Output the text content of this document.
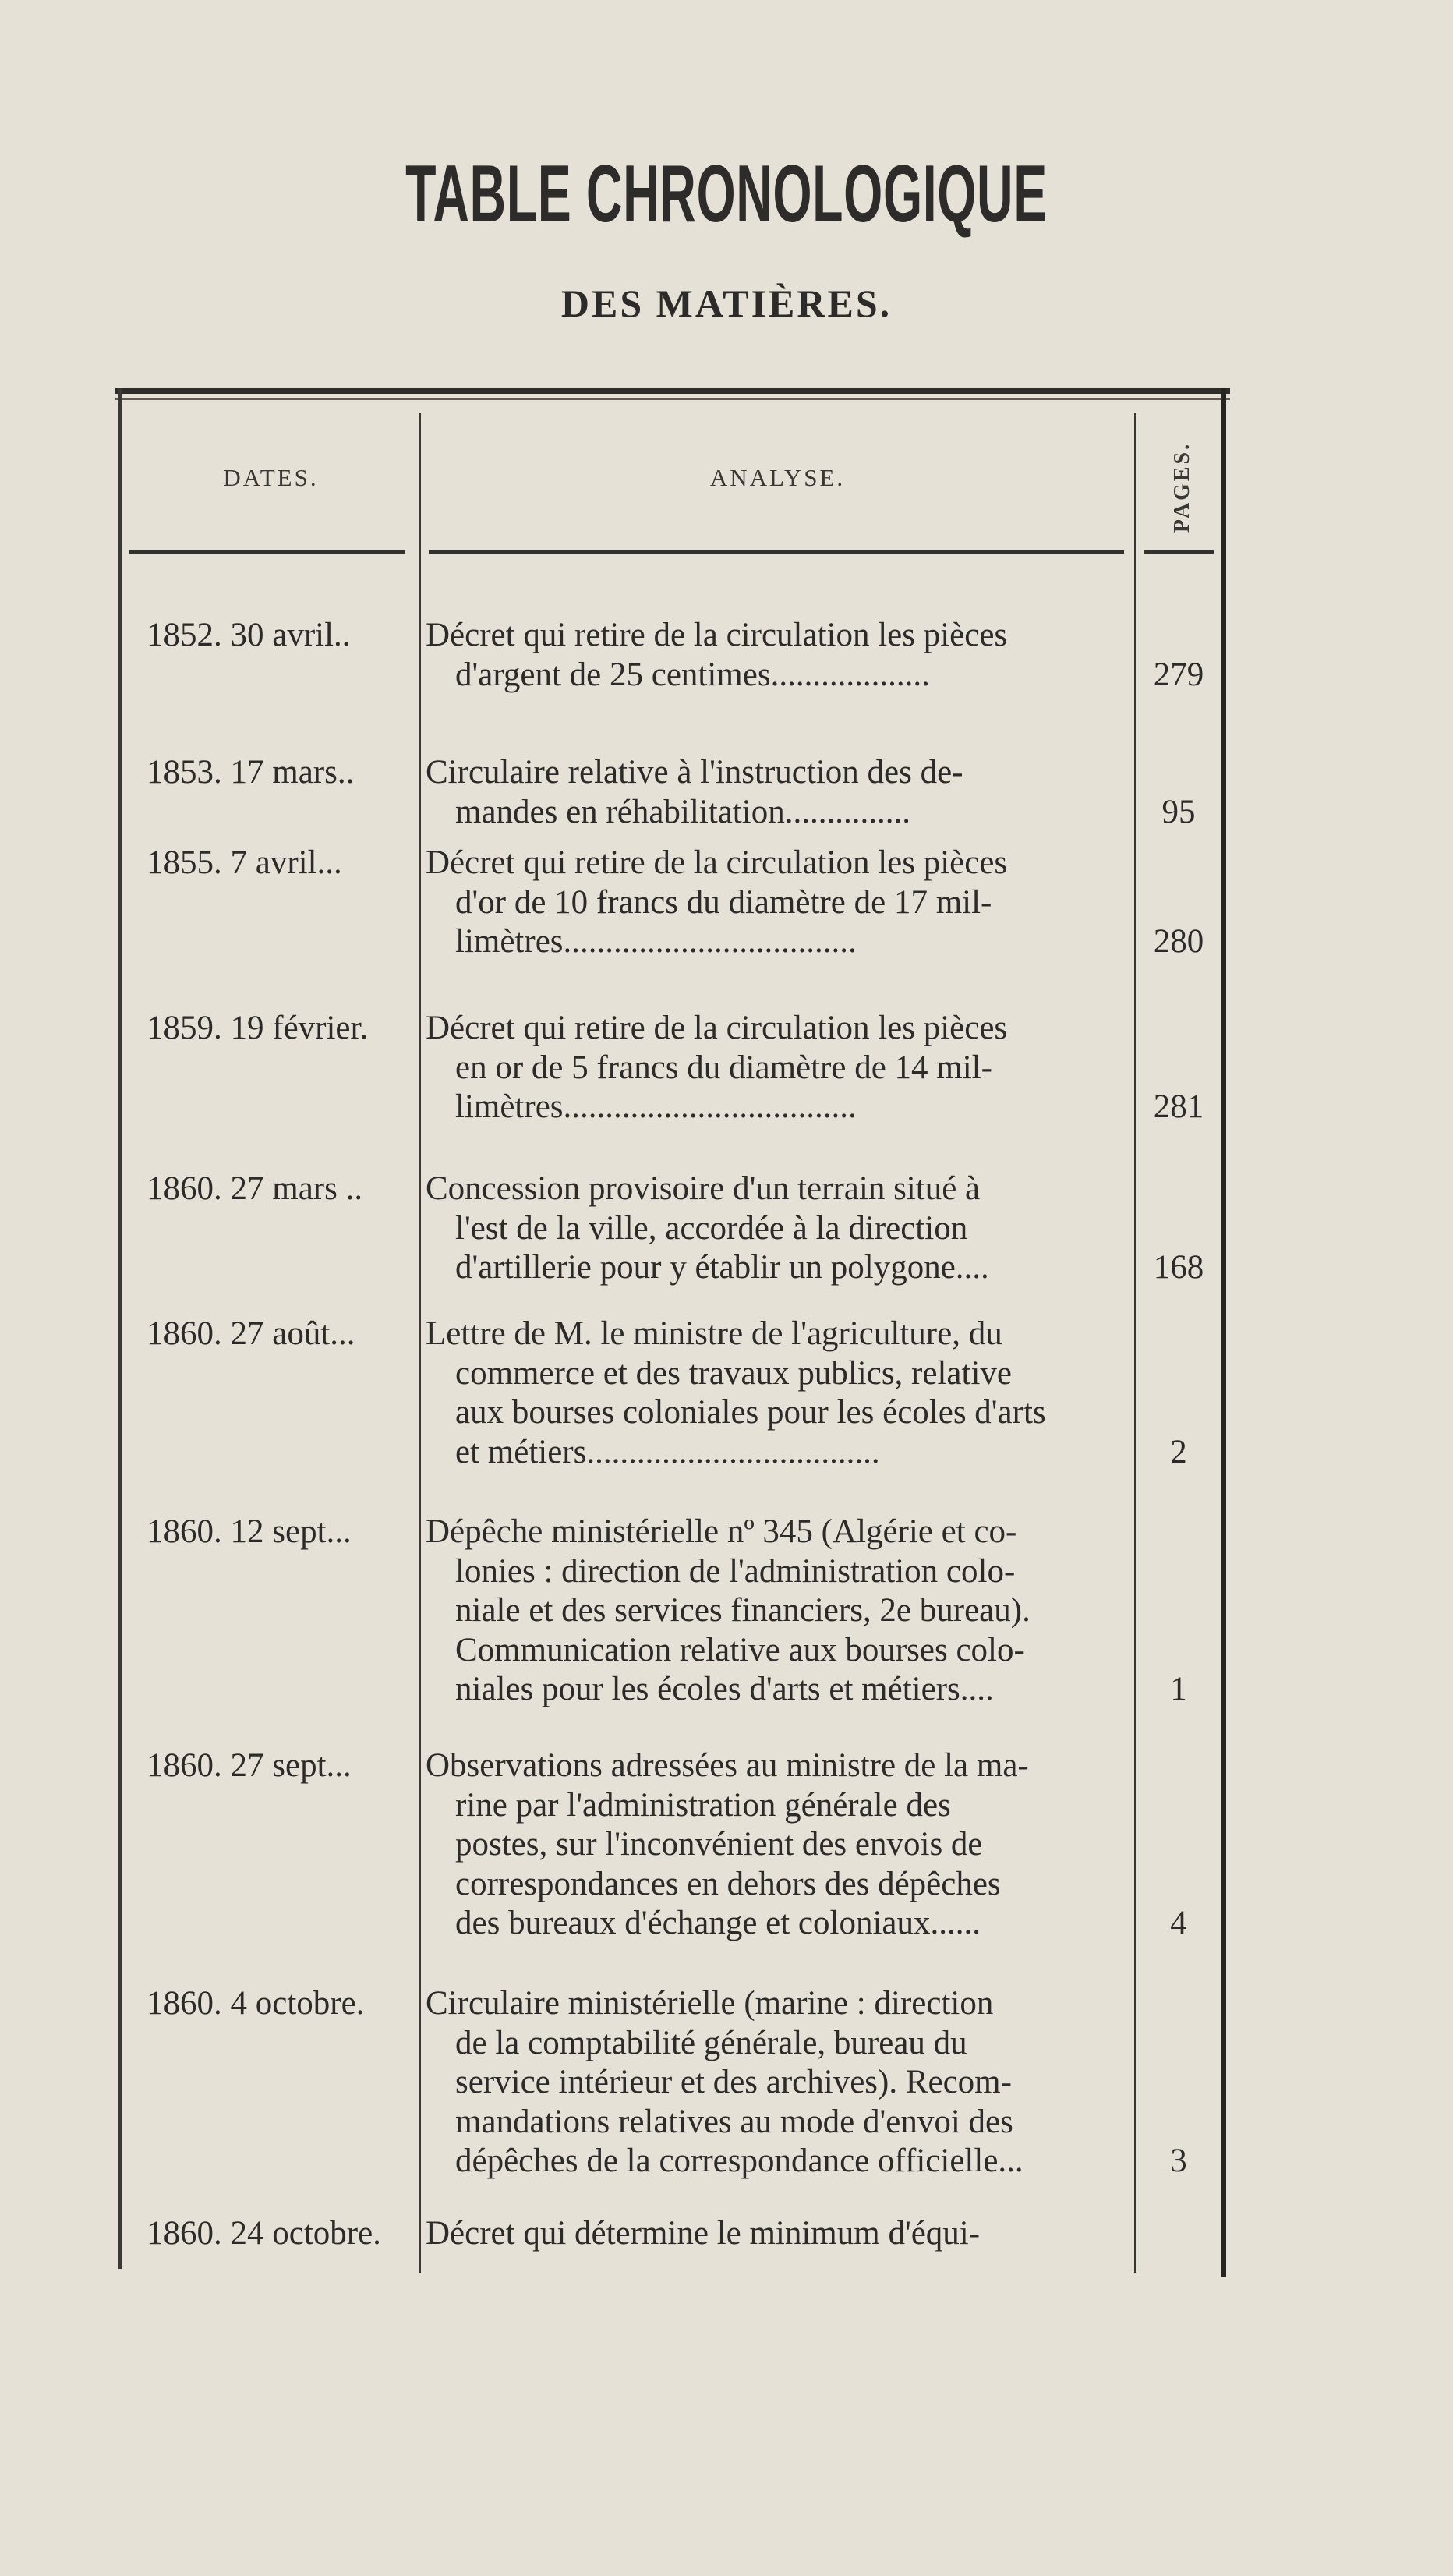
TABLE CHRONOLOGIQUE
DES MATIÈRES.
DATES.	ANALYSE.	PAGES.
1852. 30 avril.. Décret qui retire de la circulation les pièces
d'argent de 25 centimes...................	279
1853. 17 mars.. Circulaire relative à l'instruction des de-
mandes en réhabilitation...............	95
1855. 7 avril... Décret qui retire de la circulation les pièces
d'or de 10 francs du diamètre de 17 mil-
limètres...................................	280
1859. 19 février. Décret qui retire de la circulation les pièces
en or de 5 francs du diamètre de 14 mil-
limètres...................................	281
1860. 27 mars .. Concession provisoire d'un terrain situé à
l'est de la ville, accordée à la direction
d'artillerie pour y établir un polygone....	168
1860. 27 août... Lettre de M. le ministre de l'agriculture, du
commerce et des travaux publics, relative
aux bourses coloniales pour les écoles d'arts
et métiers...................................	2
1860. 12 sept... Dépêche ministérielle nº 345 (Algérie et co-
lonies : direction de l'administration colo-
niale et des services financiers, 2e bureau).
Communication relative aux bourses colo-
niales pour les écoles d'arts et métiers....	1
1860. 27 sept... Observations adressées au ministre de la ma-
rine par l'administration générale des
postes, sur l'inconvénient des envois de
correspondances en dehors des dépêches
des bureaux d'échange et coloniaux......	4
1860. 4 octobre. Circulaire ministérielle (marine : direction
de la comptabilité générale, bureau du
service intérieur et des archives). Recom-
mandations relatives au mode d'envoi des
dépêches de la correspondance officielle...	3
1860. 24 octobre. Décret qui détermine le minimum d'équi-
